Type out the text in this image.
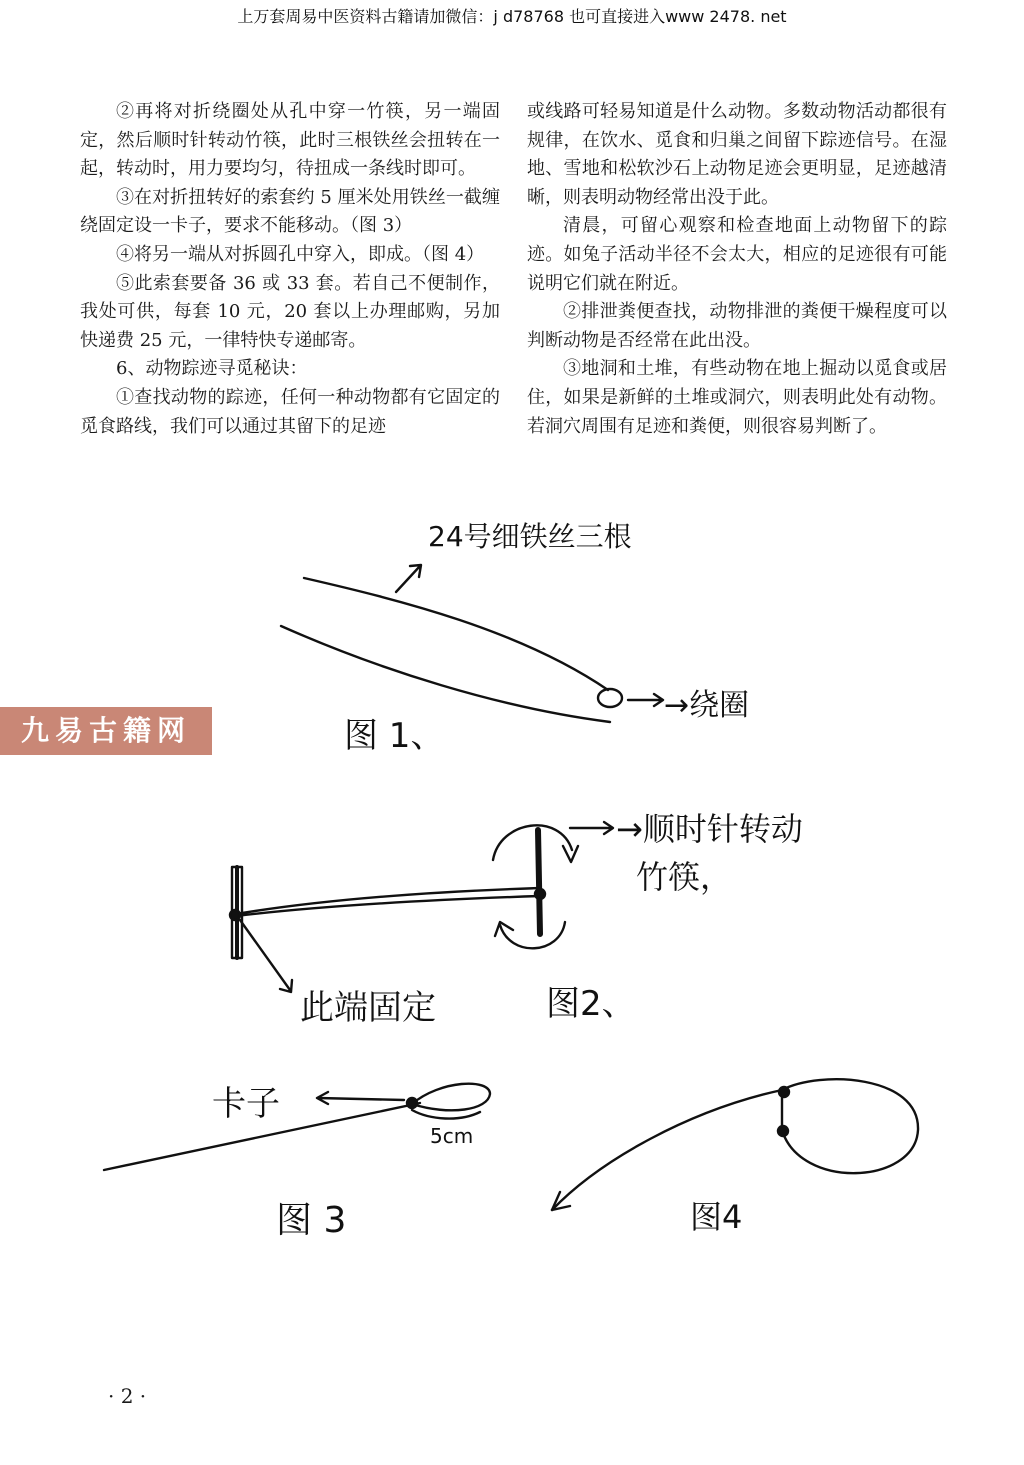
上万套周易中医资料古籍请加微信：j d78768 也可直接进入www 2478. net

②再将对折绕圈处从孔中穿一竹筷，另一端固定，然后顺时针转动竹筷，此时三根铁丝会扭转在一起，转动时，用力要均匀，待扭成一条线时即可。

③在对折扭转好的索套约 5 厘米处用铁丝一截缠绕固定设一卡子，要求不能移动。（图 3）

④将另一端从对拆圆孔中穿入，即成。（图 4）

⑤此索套要备 36 或 33 套。若自己不便制作，我处可供，每套 10 元，20 套以上办理邮购，另加快递费 25 元，一律特快专递邮寄。

6、动物踪迹寻觅秘诀：

①查找动物的踪迹，任何一种动物都有它固定的觅食路线，我们可以通过其留下的足迹

或线路可轻易知道是什么动物。多数动物活动都很有规律，在饮水、觅食和归巢之间留下踪迹信号。在湿地、雪地和松软沙石上动物足迹会更明显，足迹越清晰，则表明动物经常出没于此。

清晨，可留心观察和检查地面上动物留下的踪迹。如兔子活动半径不会太大，相应的足迹很有可能说明它们就在附近。

②排泄粪便查找，动物排泄的粪便干燥程度可以判断动物是否经常在此出没。

③地洞和土堆，有些动物在地上掘动以觅食或居住，如果是新鲜的土堆或洞穴，则表明此处有动物。若洞穴周围有足迹和粪便，则很容易判断了。

九易古籍网
24号细铁丝三根
→绕圈
图 1、
→顺时针转动
竹筷，
此端固定	图2、
卡子
5cm
图 3	图4
· 2 ·
